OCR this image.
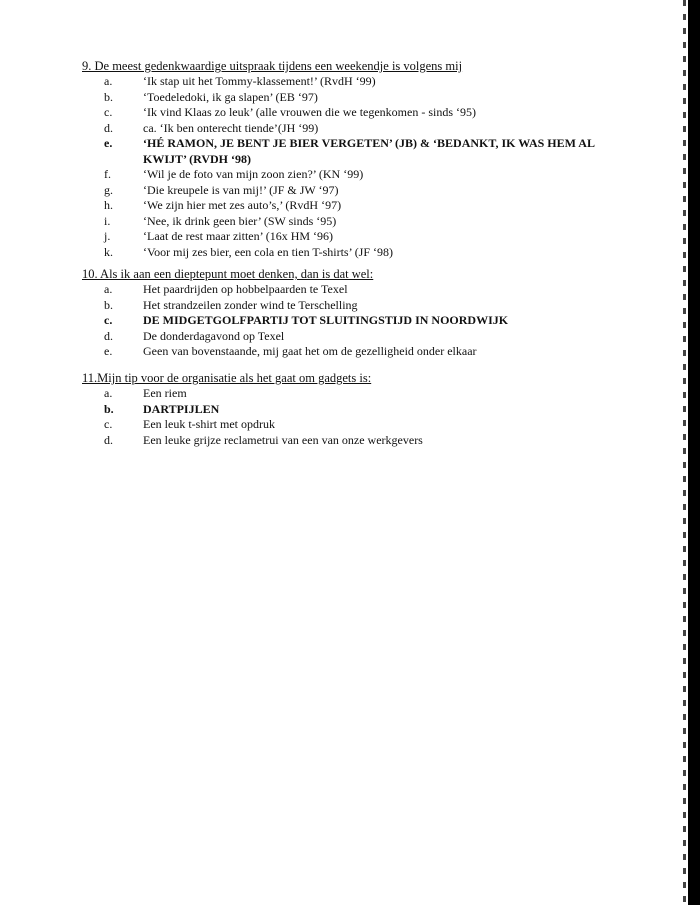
9. De meest gedenkwaardige uitspraak tijdens een weekendje is volgens mij

a.	‘Ik stap uit het Tommy-klassement!’ (RvdH ‘99)
b.	‘Toedeledoki, ik ga slapen’ (EB ‘97)
c.	‘Ik vind Klaas zo leuk’ (alle vrouwen die we tegenkomen - sinds ‘95)
d.	ca. ‘Ik ben onterecht tiende’(JH ‘99)
e.	‘HÉ RAMON, JE BENT JE BIER VERGETEN’ (JB) & ‘BEDANKT, IK WAS HEM AL KWIJT’ (RVDH ‘98)
f.	‘Wil je de foto van mijn zoon zien?’ (KN ‘99)
g.	‘Die kreupele is van mij!’ (JF & JW ‘97)
h.	‘We zijn hier met zes auto’s,’ (RvdH ‘97)
i.	‘Nee, ik drink geen bier’ (SW sinds ‘95)
j.	‘Laat de rest maar zitten’ (16x HM ‘96)
k.	‘Voor mij zes bier, een cola en tien T-shirts’ (JF ‘98)

10. Als ik aan een dieptepunt moet denken, dan is dat wel:

a.	Het paardrijden op hobbelpaarden te Texel
b.	Het strandzeilen zonder wind te Terschelling
c.	DE MIDGETGOLFPARTIJ TOT SLUITINGSTIJD IN NOORDWIJK
d.	De donderdagavond op Texel
e.	Geen van bovenstaande, mij gaat het om de gezelligheid onder elkaar

11.Mijn tip voor de organisatie als het gaat om gadgets is:

a.	Een riem
b.	DARTPIJLEN
c.	Een leuk t-shirt met opdruk
d.	Een leuke grijze reclametrui van een van onze werkgevers
